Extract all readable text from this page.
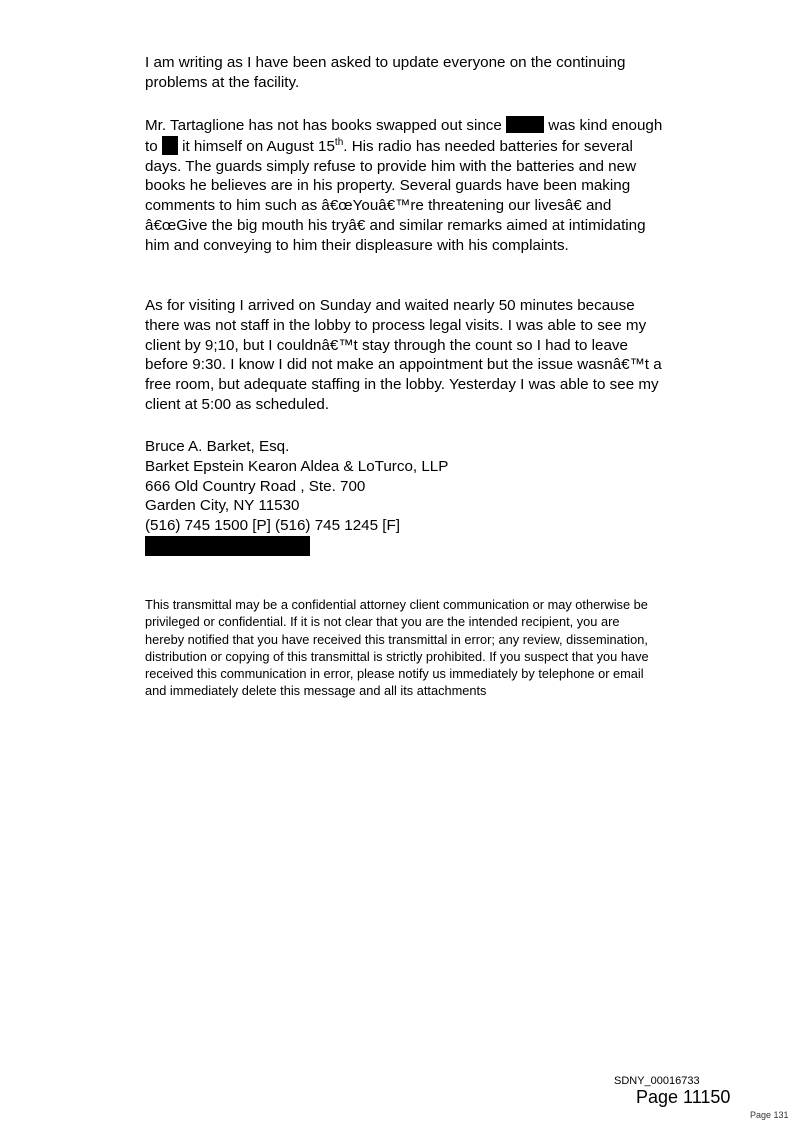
I am writing as I have been asked to update everyone on the continuing problems at the facility.

Mr. Tartaglione has not has books swapped out since	was kind enough to  it himself on August 15th. His radio has needed batteries for several days. The guards simply refuse to provide him with the batteries and new books he believes are in his property. Several guards have been making comments to him such as â€œYouâ€™re threatening our livesâ€ and â€œGive the big mouth his tryâ€ and similar remarks aimed at intimidating him and conveying to him their displeasure with his complaints.

As for visiting I arrived on Sunday and waited nearly 50 minutes because there was not staff in the lobby to process legal visits. I was able to see my client by 9;10, but I couldnâ€™t stay through the count so I had to leave before 9:30. I know I did not make an appointment but the issue wasnâ€™t a free room, but adequate staffing in the lobby. Yesterday I was able to see my client at 5:00 as scheduled.

Bruce A. Barket, Esq.
Barket Epstein Kearon Aldea & LoTurco, LLP
666 Old Country Road , Ste. 700
Garden City, NY 11530
(516) 745 1500 [P] (516) 745 1245 [F]

This transmittal may be a confidential attorney client communication or may otherwise be privileged or confidential. If it is not clear that you are the intended recipient, you are hereby notified that you have received this transmittal in error; any review, dissemination, distribution or copying of this transmittal is strictly prohibited. If you suspect that you have received this communication in error, please notify us immediately by telephone or email and immediately delete this message and all its attachments

SDNY_00016733
Page 11150
Page 131
